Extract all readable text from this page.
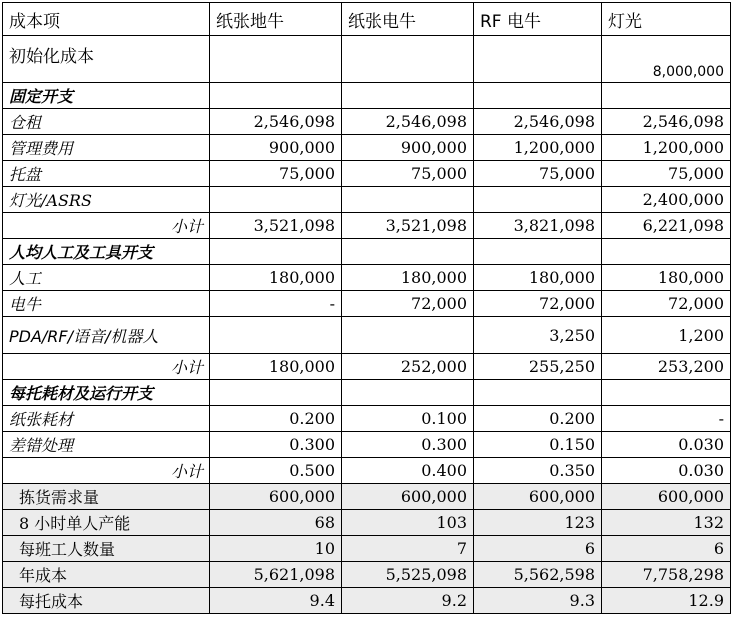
成本项	纸张地牛	纸张电牛	RF 电牛	灯光
初始化成本				8,000,000
固定开支				
仓租	2,546,098	2,546,098	2,546,098	2,546,098
管理费用	900,000	900,000	1,200,000	1,200,000
托盘	75,000	75,000	75,000	75,000
灯光/ASRS				2,400,000
小计	3,521,098	3,521,098	3,821,098	6,221,098
人均人工及工具开支				
人工	180,000	180,000	180,000	180,000
电牛	-	72,000	72,000	72,000
PDA/RF/语音/机器人			3,250	1,200
小计	180,000	252,000	255,250	253,200
每托耗材及运行开支				
纸张耗材	0.200	0.100	0.200	-
差错处理	0.300	0.300	0.150	0.030
小计	0.500	0.400	0.350	0.030
拣货需求量	600,000	600,000	600,000	600,000
8 小时单人产能	68	103	123	132
每班工人数量	10	7	6	6
年成本	5,621,098	5,525,098	5,562,598	7,758,298
每托成本	9.4	9.2	9.3	12.9
